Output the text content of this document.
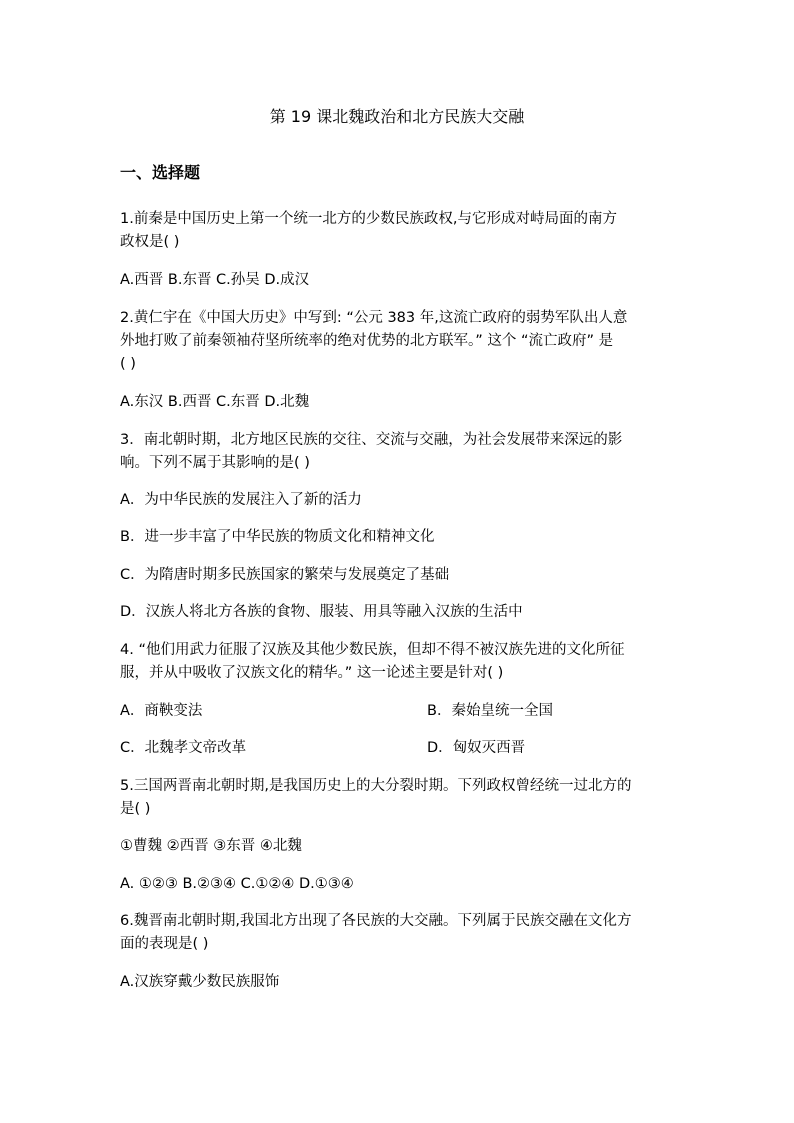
第 19 课北魏政治和北方民族大交融
一、选择题
1.前秦是中国历史上第一个统一北方的少数民族政权,与它形成对峙局面的南方
政权是( )
A.西晋 B.东晋 C.孙吴 D.成汉
2.黄仁宇在《中国大历史》中写到: “公元 383 年,这流亡政府的弱势军队出人意
外地打败了前秦领袖苻坚所统率的绝对优势的北方联军。” 这个 “流亡政府” 是
( )
A.东汉 B.西晋 C.东晋 D.北魏
3．南北朝时期，北方地区民族的交往、交流与交融，为社会发展带来深远的影
响。下列不属于其影响的是( )
A．为中华民族的发展注入了新的活力
B．进一步丰富了中华民族的物质文化和精神文化
C．为隋唐时期多民族国家的繁荣与发展奠定了基础
D．汉族人将北方各族的食物、服装、用具等融入汉族的生活中
4. “他们用武力征服了汉族及其他少数民族，但却不得不被汉族先进的文化所征
服，并从中吸收了汉族文化的精华。” 这一论述主要是针对( )
A．商鞅变法	B．秦始皇统一全国
C．北魏孝文帝改革	D．匈奴灭西晋
5.三国两晋南北朝时期,是我国历史上的大分裂时期。下列政权曾经统一过北方的
是( )
①曹魏 ②西晋 ③东晋 ④北魏
A. ①②③ B.②③④ C.①②④ D.①③④
6.魏晋南北朝时期,我国北方出现了各民族的大交融。下列属于民族交融在文化方
面的表现是( )
A.汉族穿戴少数民族服饰
